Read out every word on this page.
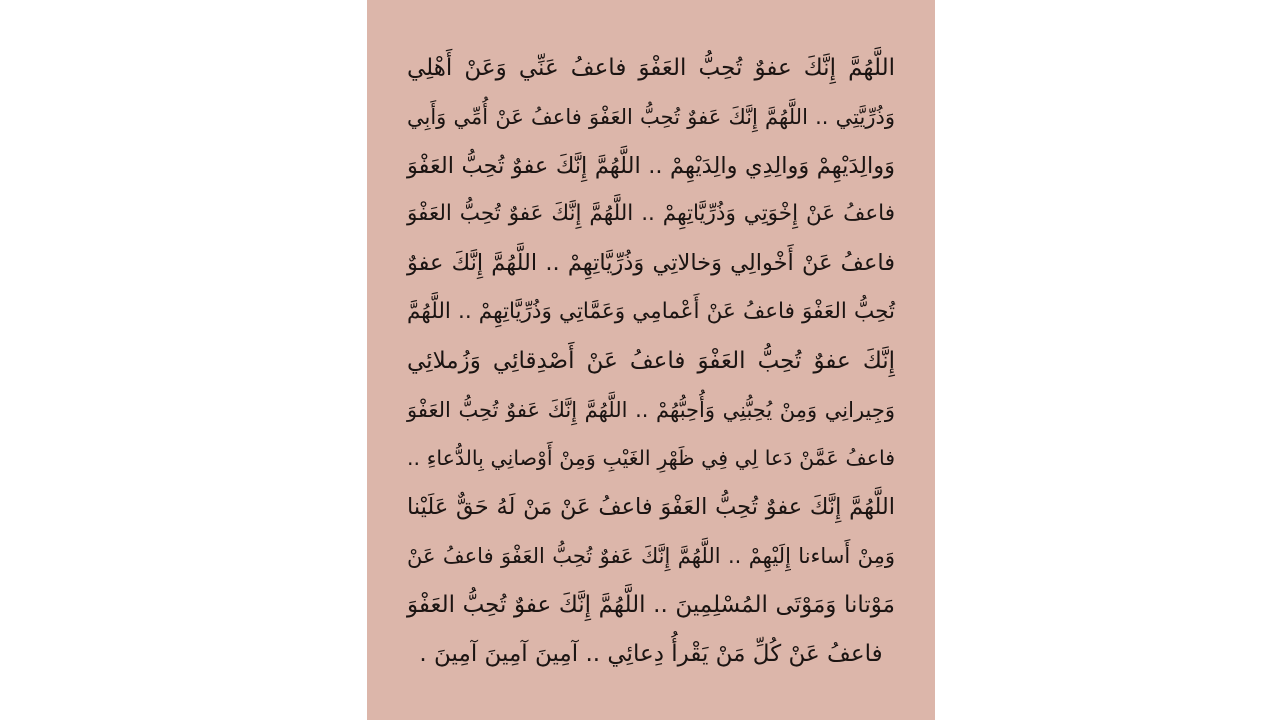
اللَّهُمَّ إِنَّكَ عفوٌ تُحِبُّ العَفْوَ فاعفُ عَنِّي وَعَنْ أَهْلِي
وَذُرِّيَّتِي .. اللَّهُمَّ إِنَّكَ عَفوٌ تُحِبُّ العَفْوَ فاعفُ عَنْ أُمِّي وَأَبِي
وَوالِدَيْهِمْ وَوالِدِي والِدَيْهِمْ .. اللَّهُمَّ إِنَّكَ عفوٌ تُحِبُّ العَفْوَ
فاعفُ عَنْ إِخْوَتِي وَذُرِّيَّاتِهِمْ .. اللَّهُمَّ إِنَّكَ عَفوٌ تُحِبُّ العَفْوَ
فاعفُ عَنْ أَخْوالِي وَخالاتِي وَذُرِّيَّاتِهِمْ .. اللَّهُمَّ إِنَّكَ عفوٌ
تُحِبُّ العَفْوَ فاعفُ عَنْ أَعْمامِي وَعَمَّاتِي وَذُرِّيَّاتِهِمْ .. اللَّهُمَّ
إِنَّكَ عفوٌ تُحِبُّ العَفْوَ فاعفُ عَنْ أَصْدِقائِي وَزُملائِي
وَجِيرانِي وَمِنْ يُحِبُّنِي وَأُحِبُّهُمْ .. اللَّهُمَّ إِنَّكَ عَفوٌ تُحِبُّ العَفْوَ
فاعفُ عَمَّنْ دَعا لِي فِي ظَهْرِ الغَيْبِ وَمِنْ أَوْصانِي بِالدُّعاءِ ..
اللَّهُمَّ إِنَّكَ عفوٌ تُحِبُّ العَفْوَ فاعفُ عَنْ مَنْ لَهُ حَقٌّ عَلَيْنا
وَمِنْ أَساءنا إِلَيْهِمْ .. اللَّهُمَّ إِنَّكَ عَفوٌ تُحِبُّ العَفْوَ فاعفُ عَنْ
مَوْتانا وَمَوْتَى المُسْلِمِينَ .. اللَّهُمَّ إِنَّكَ عفوٌ تُحِبُّ العَفْوَ
فاعفُ عَنْ كُلِّ مَنْ يَقْرأُ دِعائِي .. آمِينَ آمِينَ آمِينَ .
